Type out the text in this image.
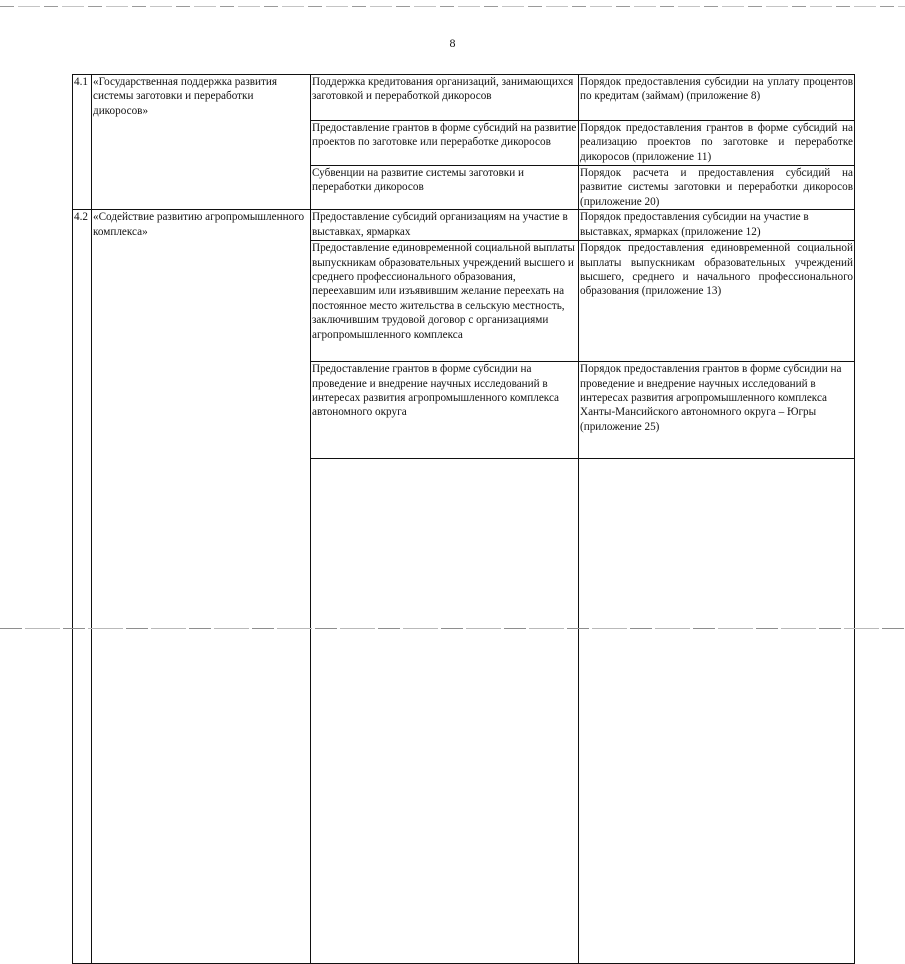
8
4.1	«Государственная поддержка развития системы заготовки и переработки дикоросов»	Поддержка кредитования организаций, занимающихся заготовкой и переработкой дикоросов	Порядок предоставления субсидии на уплату процентов по кредитам (займам) (приложение 8)	
		Предоставление грантов в форме субсидий на развитие проектов по заготовке или переработке дикоросов	Порядок предоставления грантов в форме субсидий на реализацию проектов по заготовке и переработке дикоросов (приложение 11)	
		Субвенции на развитие системы заготовки и переработки дикоросов	Порядок расчета и предоставления субсидий на развитие системы заготовки и переработки дикоросов (приложение 20)	
4.2	«Содействие развитию агропромышленного комплекса»	Предоставление субсидий организациям на участие в выставках, ярмарках	Порядок предоставления субсидии на участие в выставках, ярмарках (приложение 12)	
		Предоставление единовременной социальной выплаты выпускникам образовательных учреждений высшего и среднего профессионального образования, переехавшим или изъявившим желание переехать на постоянное место жительства в сельскую местность, заключившим трудовой договор с организациями агропромышленного комплекса	Порядок предоставления единовременной социальной выплаты выпускникам образовательных учреждений высшего, среднего и начального профессионального образования (приложение 13)	
		Предоставление грантов в форме субсидии на проведение и внедрение научных исследований в интересах развития агропромышленного комплекса автономного округа	Порядок предоставления грантов в форме субсидии на проведение и внедрение научных исследований в интересах развития агропромышленного комплекса Ханты-Мансийского автономного округа – Югры (приложение 25)	
